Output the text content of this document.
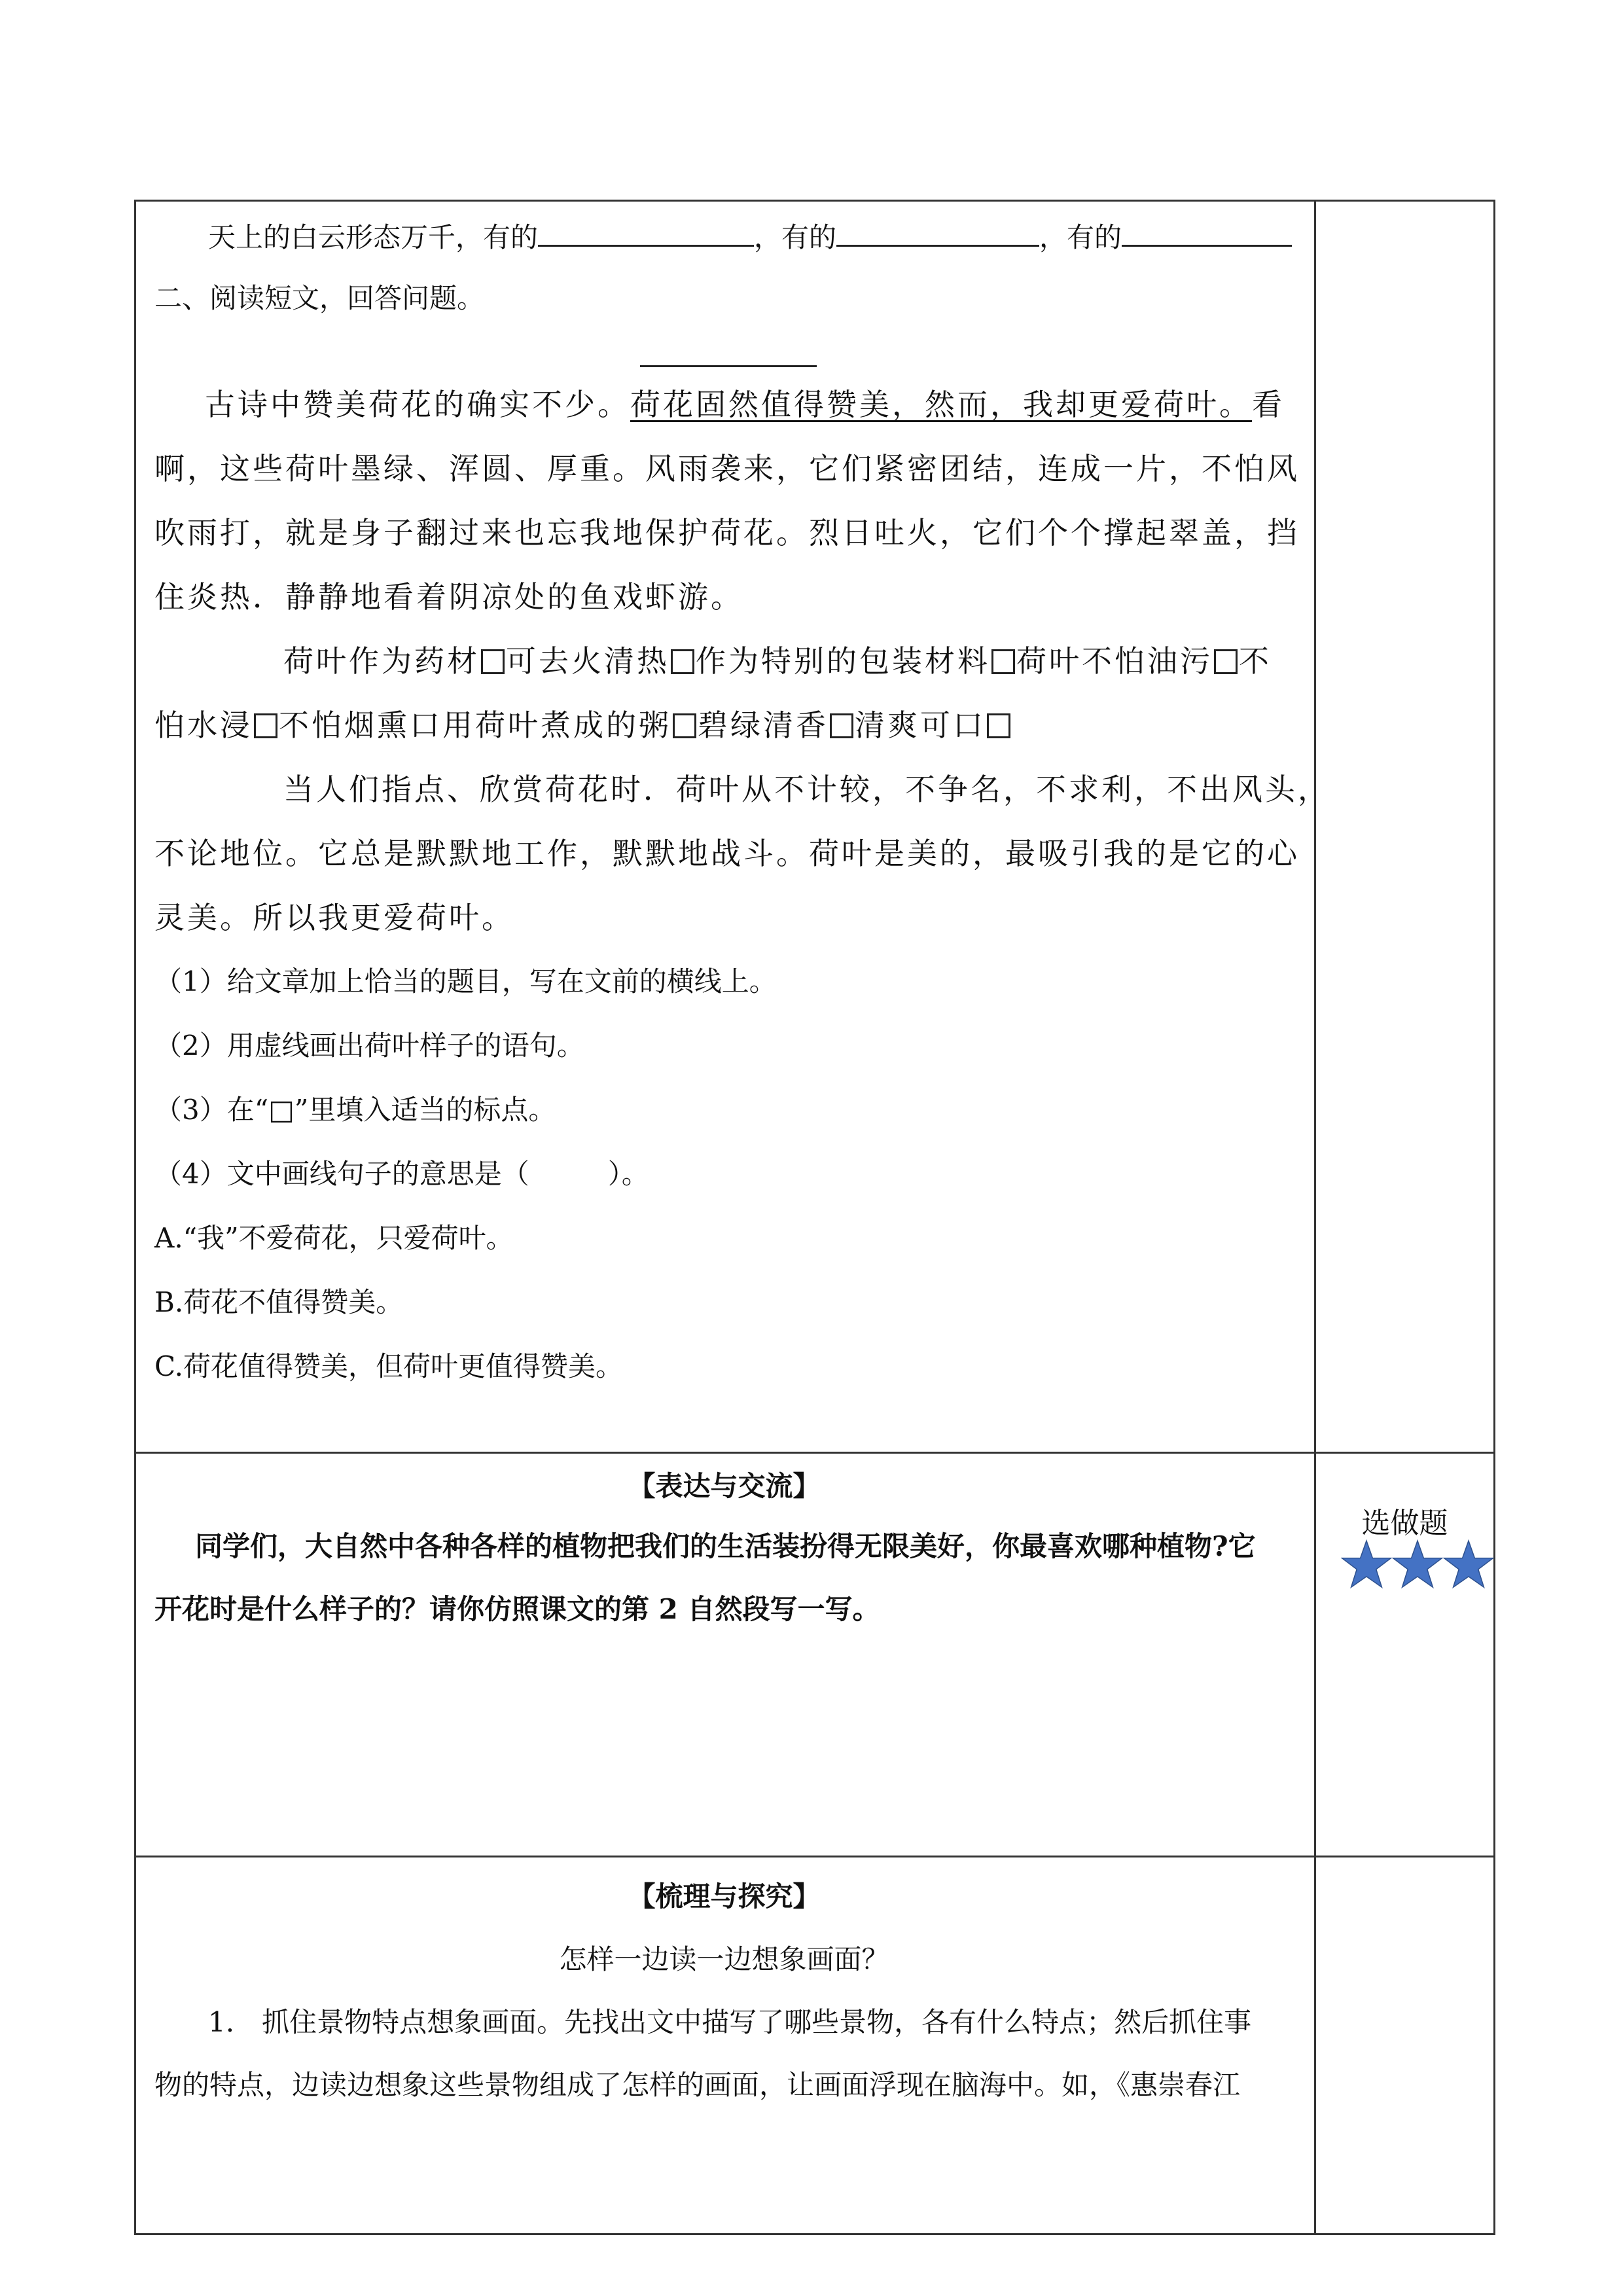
天上的白云形态万千，有的	，有的	，有的
二、阅读短文，回答问题。
古诗中赞美荷花的确实不少。荷花固然值得赞美，然而，我却更爱荷叶。看
啊，这些荷叶墨绿、浑圆、厚重。风雨袭来，它们紧密团结，连成一片，不怕风
吹雨打，就是身子翻过来也忘我地保护荷花。烈日吐火，它们个个撑起翠盖，挡
住炎热．静静地看着阴凉处的鱼戏虾游。
荷叶作为药材 可去火清热 作为特别的包装材料 荷叶不怕油污 不
怕水浸 不怕烟熏口用荷叶煮成的粥 碧绿清香 清爽可口
当人们指点、欣赏荷花时．荷叶从不计较，不争名，不求利，不出风头，
不论地位。它总是默默地工作，默默地战斗。荷叶是美的，最吸引我的是它的心
灵美。所以我更爱荷叶。
（1）给文章加上恰当的题目，写在文前的横线上。
（2）用虚线画出荷叶样子的语句。
（3）在“□”里填入适当的标点。
（4）文中画线句子的意思是（	）。
A.“我”不爱荷花，只爱荷叶。
B.荷花不值得赞美。
C.荷花值得赞美，但荷叶更值得赞美。
【表达与交流】
同学们，大自然中各种各样的植物把我们的生活装扮得无限美好，你最喜欢哪种植物?它
开花时是什么样子的？请你仿照课文的第 2 自然段写一写。
选做题
【梳理与探究】
怎样一边读一边想象画面？
1.　抓住景物特点想象画面。先找出文中描写了哪些景物，各有什么特点；然后抓住事
物的特点，边读边想象这些景物组成了怎样的画面，让画面浮现在脑海中。如，《惠崇春江
